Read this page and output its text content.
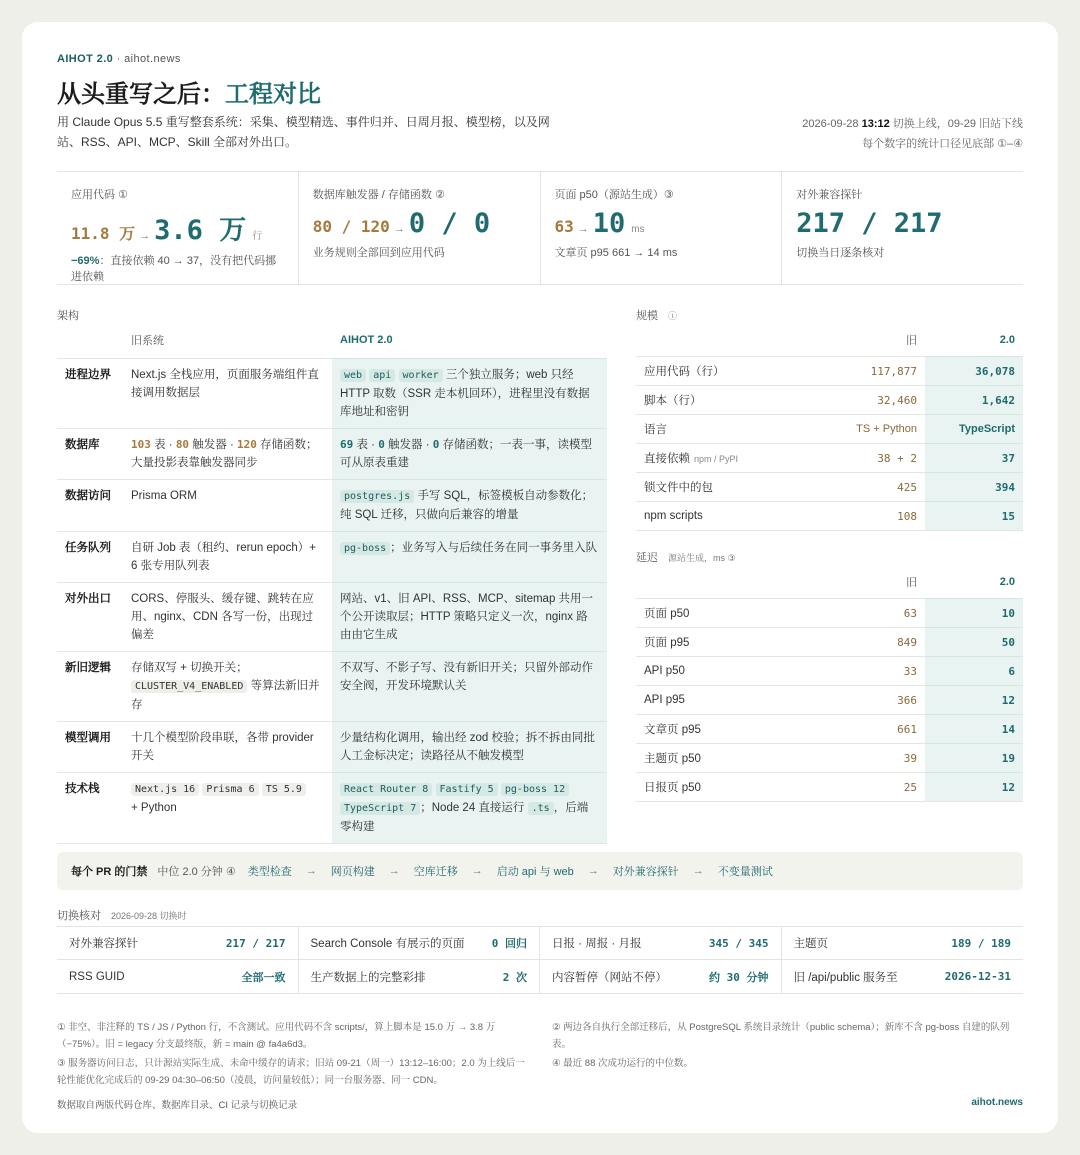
AIHOT 2.0 · aihot.news
从头重写之后：工程对比
用 Claude Opus 5.5 重写整套系统：采集、模型精选、事件归并、日周月报、模型榜，以及网站、RSS、API、MCP、Skill 全部对外出口。
2026-09-28 13:12 切换上线，09-29 旧站下线
每个数字的统计口径见底部 ①–④
应用代码 ①
11.8 万 → 3.6 万 行
−69%：直接依赖 40 → 37，没有把代码挪进依赖
数据库触发器 / 存储函数 ②
80 / 120 → 0 / 0
业务规则全部回到应用代码
页面 p50（源站生成）③
63 → 10 ms
文章页 p95 661 → 14 ms
对外兼容探针
217 / 217
切换当日逐条核对
架构
	旧系统	AIHOT 2.0
进程边界	Next.js 全栈应用，页面服务端组件直接调用数据层	web api worker 三个独立服务；web 只经 HTTP 取数（SSR 走本机回环），进程里没有数据库地址和密钥
数据库	103 表 · 80 触发器 · 120 存储函数；大量投影表靠触发器同步	69 表 · 0 触发器 · 0 存储函数；一表一事，读模型可从原表重建
数据访问	Prisma ORM	postgres.js 手写 SQL，标签模板自动参数化；纯 SQL 迁移，只做向后兼容的增量
任务队列	自研 Job 表（租约、rerun epoch）+ 6 张专用队列表	pg-boss ；业务写入与后续任务在同一事务里入队
对外出口	CORS、停服头、缓存键、跳转在应用、nginx、CDN 各写一份，出现过偏差	网站、v1、旧 API、RSS、MCP、sitemap 共用一个公开读取层；HTTP 策略只定义一次，nginx 路由由它生成
新旧逻辑	存储双写 + 切换开关；
CLUSTER_V4_ENABLED 等算法新旧并存	不双写、不影子写、没有新旧开关；只留外部动作安全阀，开发环境默认关
模型调用	十几个模型阶段串联，各带 provider 开关	少量结构化调用，输出经 zod 校验；拆不拆由同批人工金标决定；读路径从不触发模型
技术栈	Next.js 16 Prisma 6 TS 5.9
+ Python	React Router 8 Fastify 5 pg-boss 12 TypeScript 7 ；Node 24 直接运行 .ts ，后端零构建
规模 ⓘ
	旧	2.0
应用代码（行）	117,877	36,078
脚本（行）	32,460	1,642
语言	TS + Python	TypeScript
直接依赖 npm / PyPI	38 + 2	37
锁文件中的包	425	394
npm scripts	108	15
延迟 源站生成，ms ③
	旧	2.0
页面 p50	63	10
页面 p95	849	50
API p50	33	6
API p95	366	12
文章页 p95	661	14
主题页 p50	39	19
日报页 p50	25	12
每个 PR 的门禁 中位 2.0 分钟 ④ 类型检查 → 网页构建 → 空库迁移 → 启动 api 与 web → 对外兼容探针 → 不变量测试
切换核对 2026-09-28 切换时
对外兼容探针	217 / 217 Search Console 有展示的页面 0 回归 日报 · 周报 · 月报	345 / 345 主题页	189 / 189
RSS GUID	全部一致 生产数据上的完整彩排	2 次 内容暂停（网站不停）	约 30 分钟 旧 /api/public 服务至	2026-12-31
① 非空、非注释的 TS / JS / Python 行，不含测试。应用代码不含 scripts/，算上脚本是 15.0 万 → 3.8 万（−75%）。旧 = legacy 分支最终版，新 = main @ fa4a6d3。
② 两边各自执行全部迁移后，从 PostgreSQL 系统目录统计（public schema）；新库不含 pg-boss 自建的队列表。
③ 服务器访问日志，只计源站实际生成、未命中缓存的请求；旧站 09-21（周一）13:12–16:00；2.0 为上线后一轮性能优化完成后的 09-29 04:30–06:50（凌晨，访问量较低）；同一台服务器、同一 CDN。
④ 最近 88 次成功运行的中位数。
数据取自两版代码仓库、数据库目录、CI 记录与切换记录	aihot.news
